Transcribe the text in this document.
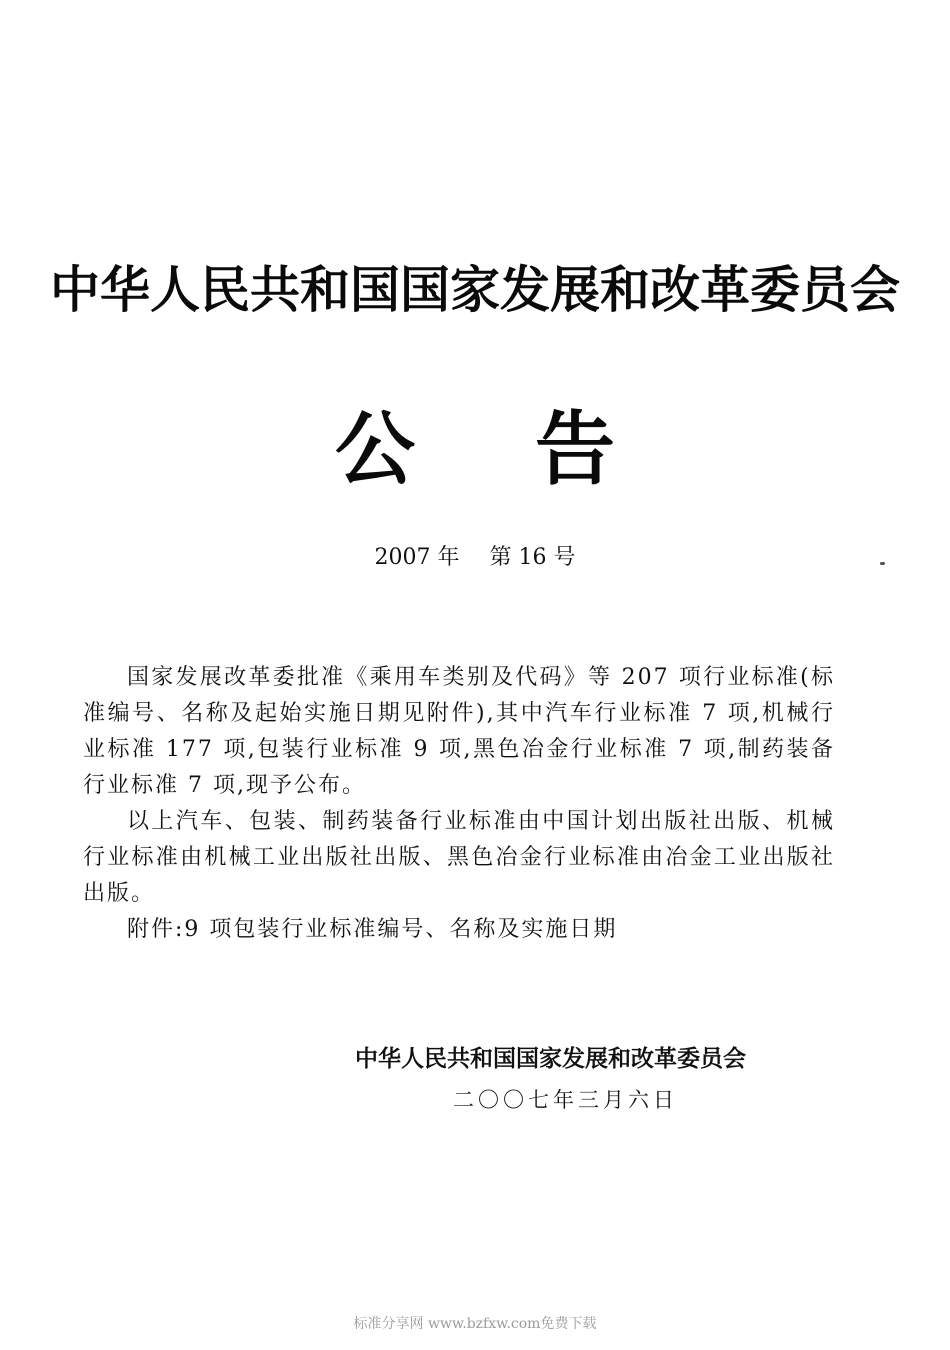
中华人民共和国国家发展和改革委员会
公 告
2007 年 第 16 号

国家发展改革委批准《乘用车类别及代码》等 207 项行业标准(标准编号、名称及起始实施日期见附件),其中汽车行业标准 7 项,机械行业标准 177 项,包装行业标准 9 项,黑色冶金行业标准 7 项,制药装备行业标准 7 项,现予公布。

以上汽车、包装、制药装备行业标准由中国计划出版社出版、机械行业标准由机械工业出版社出版、黑色冶金行业标准由冶金工业出版社出版。

附件:9 项包装行业标准编号、名称及实施日期

中华人民共和国国家发展和改革委员会
二〇〇七年三月六日
标准分享网 www.bzfxw.com免费下载
